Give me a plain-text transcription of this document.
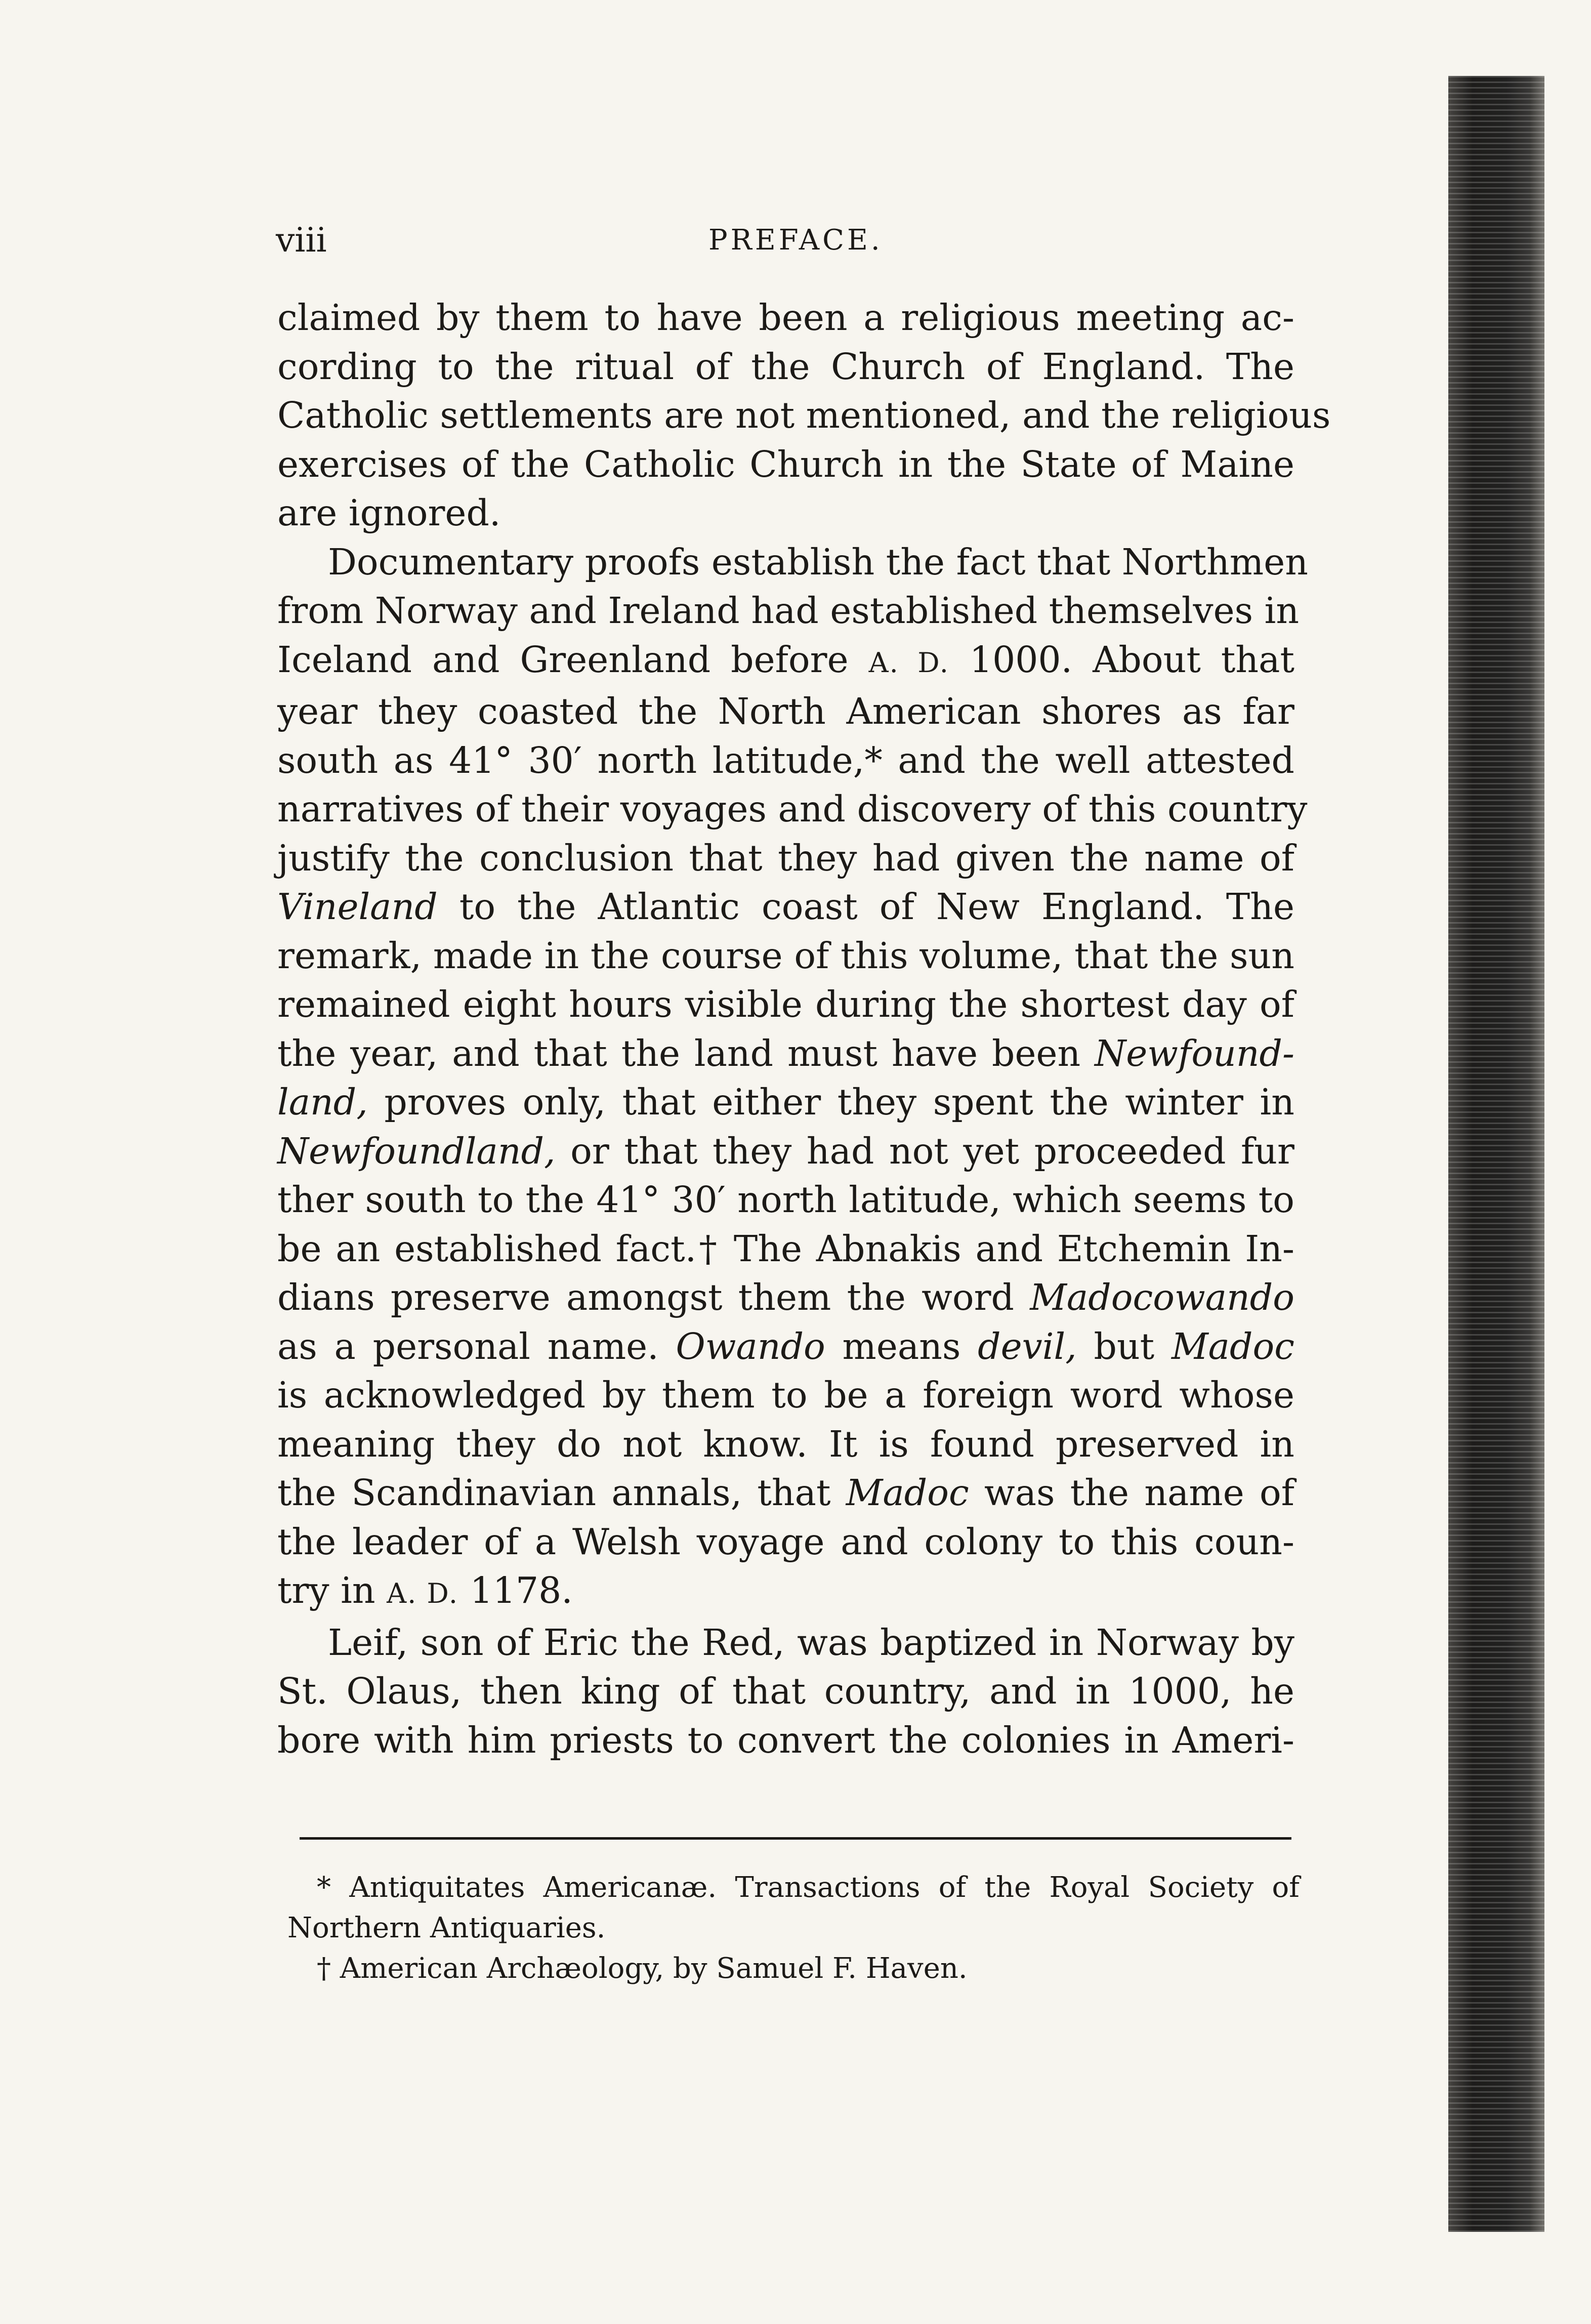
viii	PREFACE.
claimed by them to have been a religious meeting ac-
cording to the ritual of the Church of England. The
Catholic settlements are not mentioned, and the religious
exercises of the Catholic Church in the State of Maine
are ignored.
Documentary proofs establish the fact that Northmen
from Norway and Ireland had established themselves in
Iceland and Greenland before A. D. 1000. About that
year they coasted the North American shores as far
south as 41° 30′ north latitude,* and the well attested
narratives of their voyages and discovery of this country
justify the conclusion that they had given the name of
Vineland to the Atlantic coast of New England. The
remark, made in the course of this volume, that the sun
remained eight hours visible during the shortest day of
the year, and that the land must have been Newfound-
land, proves only, that either they spent the winter in
Newfoundland, or that they had not yet proceeded fur
ther south to the 41° 30′ north latitude, which seems to
be an established fact.† The Abnakis and Etchemin In-
dians preserve amongst them the word Madocowando
as a personal name. Owando means devil, but Madoc
is acknowledged by them to be a foreign word whose
meaning they do not know. It is found preserved in
the Scandinavian annals, that Madoc was the name of
the leader of a Welsh voyage and colony to this coun-
try in A. D. 1178.
Leif, son of Eric the Red, was baptized in Norway by
St. Olaus, then king of that country, and in 1000, he
bore with him priests to convert the colonies in Ameri-
* Antiquitates Americanæ. Transactions of the Royal Society of
Northern Antiquaries.
† American Archæology, by Samuel F. Haven.
